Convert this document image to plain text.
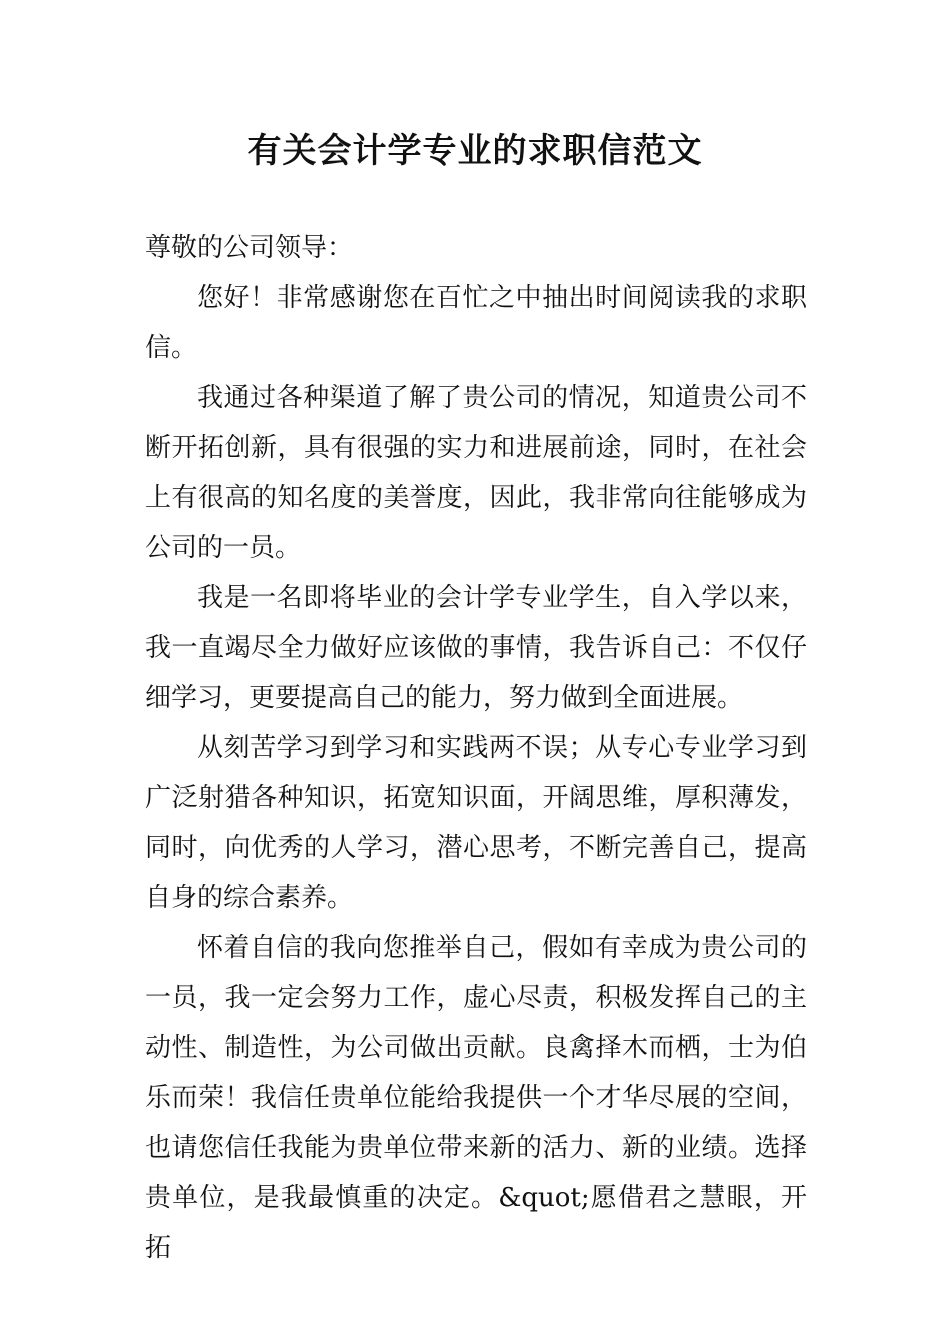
有关会计学专业的求职信范文

尊敬的公司领导：

您好！非常感谢您在百忙之中抽出时间阅读我的求职信。

我通过各种渠道了解了贵公司的情况，知道贵公司不断开拓创新，具有很强的实力和进展前途，同时，在社会上有很高的知名度的美誉度，因此，我非常向往能够成为公司的一员。

我是一名即将毕业的会计学专业学生，自入学以来，我一直竭尽全力做好应该做的事情，我告诉自己：不仅仔细学习，更要提高自己的能力，努力做到全面进展。

从刻苦学习到学习和实践两不误；从专心专业学习到广泛射猎各种知识，拓宽知识面，开阔思维，厚积薄发，同时，向优秀的人学习，潜心思考，不断完善自己，提高自身的综合素养。

怀着自信的我向您推举自己，假如有幸成为贵公司的一员，我一定会努力工作，虚心尽责，积极发挥自己的主动性、制造性，为公司做出贡献。良禽择木而栖，士为伯乐而荣！我信任贵单位能给我提供一个才华尽展的空间，也请您信任我能为贵单位带来新的活力、新的业绩。选择贵单位，是我最慎重的决定。&quot;愿借君之慧眼，开拓
